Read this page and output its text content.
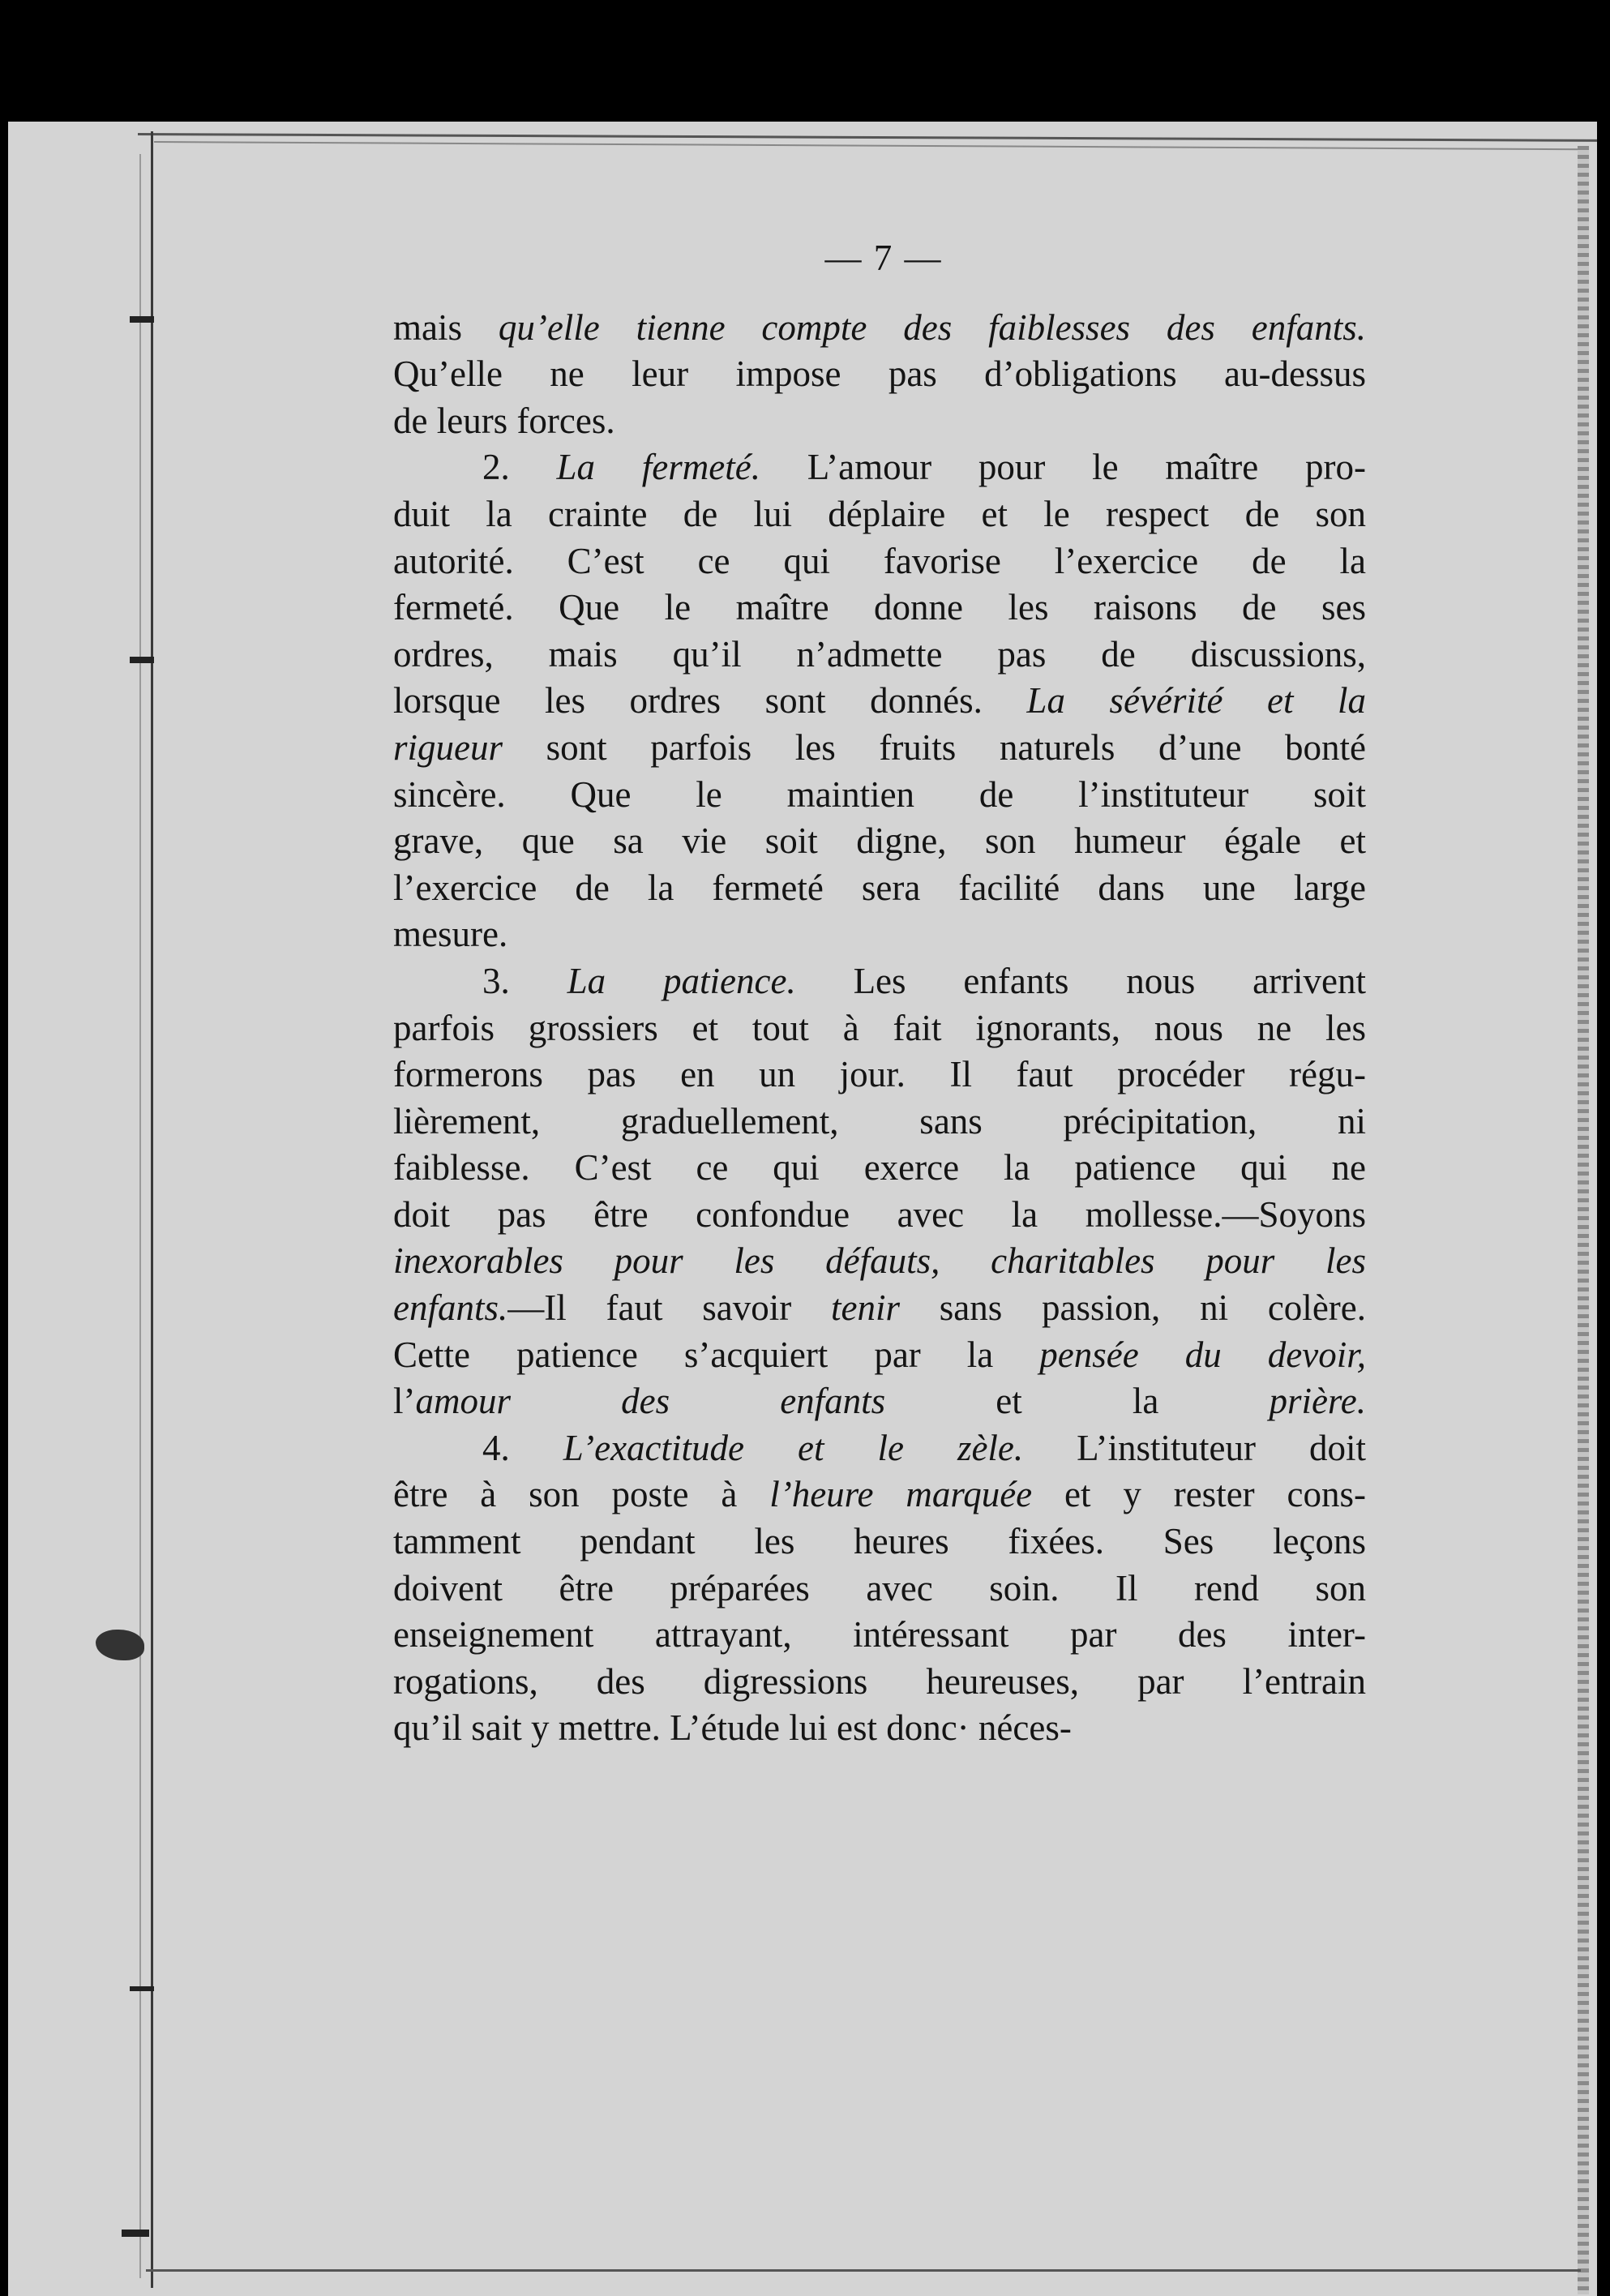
— 7 —
mais qu’elle tienne compte des faiblesses des enfants.
Qu’elle ne leur impose pas d’obligations au-dessus
de leurs forces.
2. La fermeté. L’amour pour le maître pro-
duit la crainte de lui déplaire et le respect de son
autorité. C’est ce qui favorise l’exercice de la
fermeté. Que le maître donne les raisons de ses
ordres, mais qu’il n’admette pas de discussions,
lorsque les ordres sont donnés. La sévérité et la
rigueur sont parfois les fruits naturels d’une bonté
sincère. Que le maintien de l’instituteur soit
grave, que sa vie soit digne, son humeur égale et
l’exercice de la fermeté sera facilité dans une large
mesure.
3. La patience. Les enfants nous arrivent
parfois grossiers et tout à fait ignorants, nous ne les
formerons pas en un jour. Il faut procéder régu-
lièrement, graduellement, sans précipitation, ni
faiblesse. C’est ce qui exerce la patience qui ne
doit pas être confondue avec la mollesse.—Soyons
inexorables pour les défauts, charitables pour les
enfants.—Il faut savoir tenir sans passion, ni colère.
Cette patience s’acquiert par la pensée du devoir,
l’amour des enfants et la prière.
4. L’exactitude et le zèle. L’instituteur doit
être à son poste à l’heure marquée et y rester cons-
tamment pendant les heures fixées. Ses leçons
doivent être préparées avec soin. Il rend son
enseignement attrayant, intéressant par des inter-
rogations, des digressions heureuses, par l’entrain
qu’il sait y mettre. L’étude lui est donc· néces-
